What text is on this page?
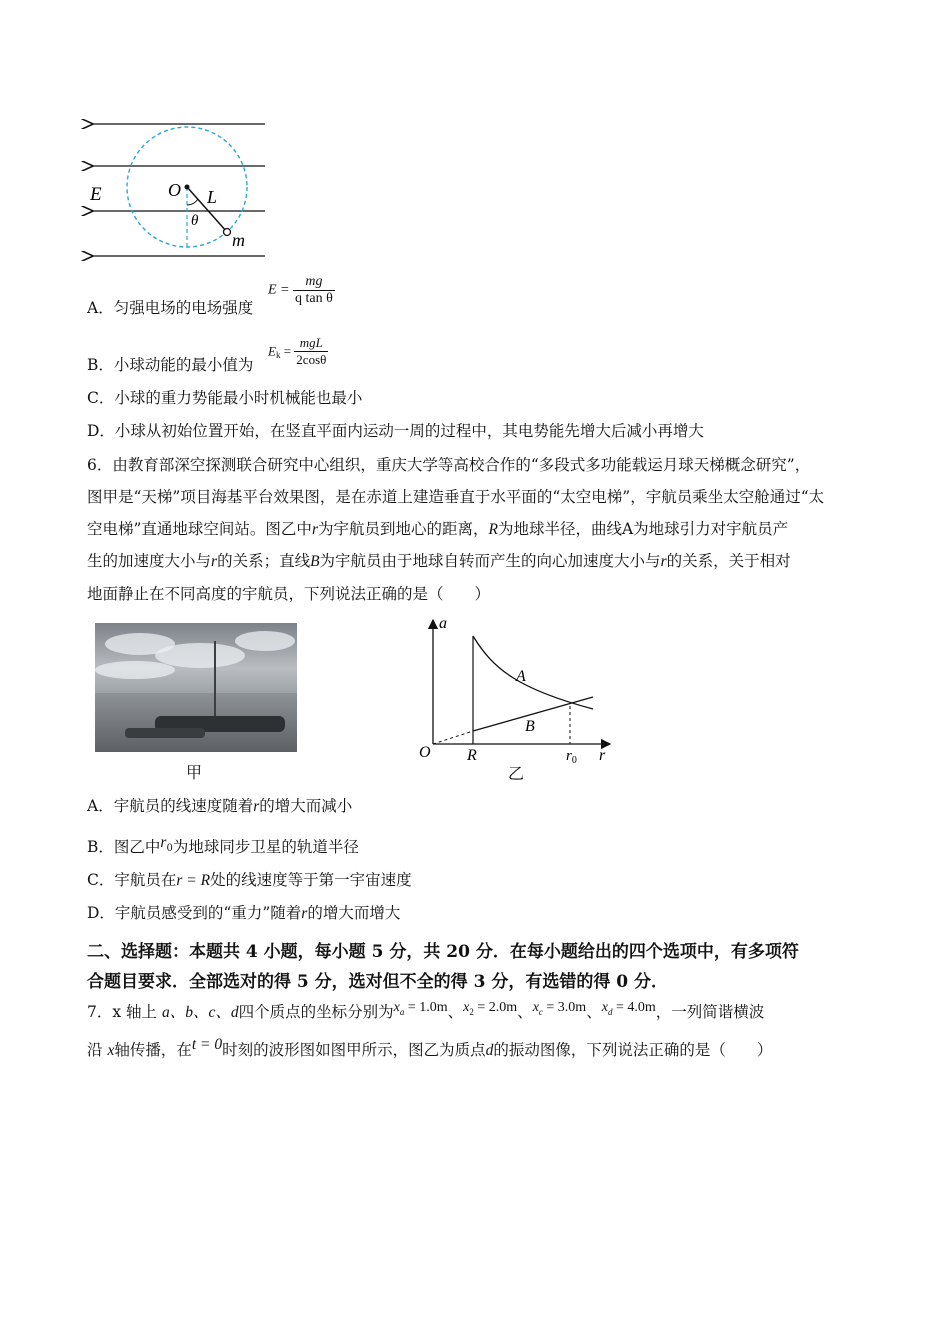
E	O L
θ
m
A．匀强电场的电场强度
$E = \frac{mg}{\text{q tan θ}}$
B．小球动能的最小值为
$E_k = \frac{\text{mgL}}{2\cos\theta}$
C．小球的重力势能最小时机械能也最小
D．小球从初始位置开始，在竖直平面内运动一周的过程中，其电势能先增大后减小再增大
6．由教育部深空探测联合研究中心组织，重庆大学等高校合作的“多段式多功能载运月球天梯概念研究”，
图甲是“天梯”项目海基平台效果图，是在赤道上建造垂直于水平面的“太空电梯”，宇航员乘坐太空舱通过“太
空电梯”直通地球空间站。图乙中r为宇航员到地心的距离，R为地球半径，曲线A为地球引力对宇航员产
生的加速度大小与r的关系；直线B为宇航员由于地球自转而产生的向心加速度大小与r的关系，关于相对
地面静止在不同高度的宇航员，下列说法正确的是（　　）
甲
a
A
B
O R	$r_0$ r
乙
A．宇航员的线速度随着r的增大而减小
B．图乙中$r_0$为地球同步卫星的轨道半径
C．宇航员在r = R处的线速度等于第一宇宙速度
D．宇航员感受到的“重力”随着r的增大而增大
二、选择题：本题共 4 小题，每小题 5 分，共 20 分．在每小题给出的四个选项中，有多项符
合题目要求．全部选对的得 5 分，选对但不全的得 3 分，有选错的得 0 分．
7．x 轴上 a、b、c、d四个质点的坐标分别为$x_a = 1.0m$、$x_2 = 2.0m$、$x_c = 3.0m$、$x_d = 4.0m$，一列简谐横波
沿 x轴传播，在t = 0时刻的波形图如图甲所示，图乙为质点d的振动图像，下列说法正确的是（　　）
